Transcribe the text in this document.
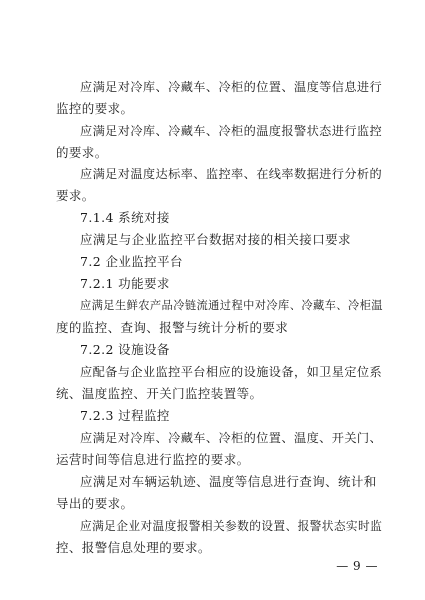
应满足对冷库、冷藏车、冷柜的位置、温度等信息进行
监控的要求。
应满足对冷库、冷藏车、冷柜的温度报警状态进行监控
的要求。
应满足对温度达标率、监控率、在线率数据进行分析的
要求。
7.1.4 系统对接
应满足与企业监控平台数据对接的相关接口要求
7.2 企业监控平台
7.2.1 功能要求
应满足生鲜农产品冷链流通过程中对冷库、冷藏车、冷柜温
度的监控、查询、报警与统计分析的要求
7.2.2 设施设备
应配备与企业监控平台相应的设施设备，如卫星定位系
统、温度监控、开关门监控装置等。
7.2.3 过程监控
应满足对冷库、冷藏车、冷柜的位置、温度、开关门、
运营时间等信息进行监控的要求。
应满足对车辆运轨迹、温度等信息进行查询、统计和
导出的要求。
应满足企业对温度报警相关参数的设置、报警状态实时监
控、报警信息处理的要求。
— 9 —
